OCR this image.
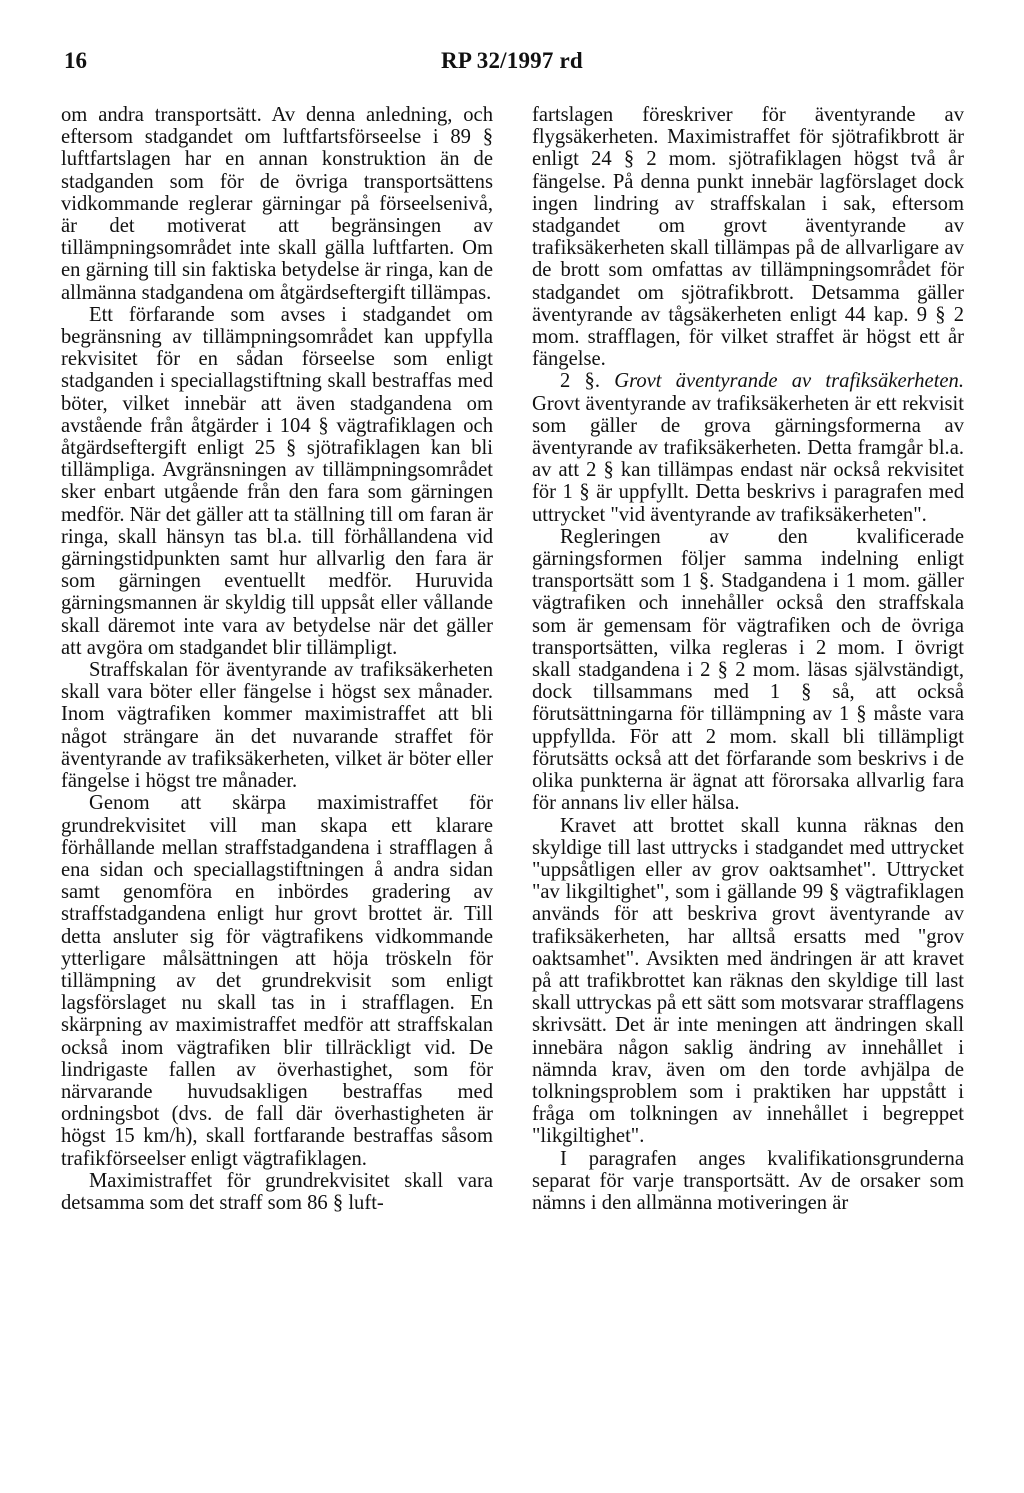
16	RP 32/1997 rd

om andra transportsätt. Av denna anledning, och eftersom stadgandet om luftfartsförseelse i 89 § luftfartslagen har en annan konstruktion än de stadganden som för de övriga transportsättens vidkommande reglerar gärningar på förseelsenivå, är det motiverat att begränsingen av tillämpningsområdet inte skall gälla luftfarten. Om en gärning till sin faktiska betydelse är ringa, kan de allmänna stadgandena om åtgärdseftergift tillämpas.

Ett förfarande som avses i stadgandet om begränsning av tillämpningsområdet kan uppfylla rekvisitet för en sådan förseelse som enligt stadganden i speciallagstiftning skall bestraffas med böter, vilket innebär att även stadgandena om avstående från åtgärder i 104 § vägtrafiklagen och åtgärdseftergift enligt 25 § sjötrafiklagen kan bli tillämpliga. Avgränsningen av tillämpningsområdet sker enbart utgående från den fara som gärningen medför. När det gäller att ta ställning till om faran är ringa, skall hänsyn tas bl.a. till förhållandena vid gärningstidpunkten samt hur allvarlig den fara är som gärningen eventuellt medför. Huruvida gärningsmannen är skyldig till uppsåt eller vållande skall däremot inte vara av betydelse när det gäller att avgöra om stadgandet blir tillämpligt.

Straffskalan för äventyrande av trafiksäkerheten skall vara böter eller fängelse i högst sex månader. Inom vägtrafiken kommer maximistraffet att bli något strängare än det nuvarande straffet för äventyrande av trafiksäkerheten, vilket är böter eller fängelse i högst tre månader.

Genom att skärpa maximistraffet för grundrekvisitet vill man skapa ett klarare förhållande mellan straffstadgandena i strafflagen å ena sidan och speciallagstiftningen å andra sidan samt genomföra en inbördes gradering av straffstadgandena enligt hur grovt brottet är. Till detta ansluter sig för vägtrafikens vidkommande ytterligare målsättningen att höja tröskeln för tillämpning av det grundrekvisit som enligt lagsförslaget nu skall tas in i strafflagen. En skärpning av maximistraffet medför att straffskalan också inom vägtrafiken blir tillräckligt vid. De lindrigaste fallen av överhastighet, som för närvarande huvudsakligen bestraffas med ordningsbot (dvs. de fall där överhastigheten är högst 15 km/h), skall fortfarande bestraffas såsom trafikförseelser enligt vägtrafiklagen.

Maximistraffet för grundrekvisitet skall vara detsamma som det straff som 86 § luft-

fartslagen föreskriver för äventyrande av flygsäkerheten. Maximistraffet för sjötrafikbrott är enligt 24 § 2 mom. sjötrafiklagen högst två år fängelse. På denna punkt innebär lagförslaget dock ingen lindring av straffskalan i sak, eftersom stadgandet om grovt äventyrande av trafiksäkerheten skall tillämpas på de allvarligare av de brott som omfattas av tillämpningsområdet för stadgandet om sjötrafikbrott. Detsamma gäller äventyrande av tågsäkerheten enligt 44 kap. 9 § 2 mom. strafflagen, för vilket straffet är högst ett år fängelse.

2 §. Grovt äventyrande av trafiksäkerheten. Grovt äventyrande av trafiksäkerheten är ett rekvisit som gäller de grova gärningsformerna av äventyrande av trafiksäkerheten. Detta framgår bl.a. av att 2 § kan tillämpas endast när också rekvisitet för 1 § är uppfyllt. Detta beskrivs i paragrafen med uttrycket "vid äventyrande av trafiksäkerheten".

Regleringen av den kvalificerade gärningsformen följer samma indelning enligt transportsätt som 1 §. Stadgandena i 1 mom. gäller vägtrafiken och innehåller också den straffskala som är gemensam för vägtrafiken och de övriga transportsätten, vilka regleras i 2 mom. I övrigt skall stadgandena i 2 § 2 mom. läsas självständigt, dock tillsammans med 1 § så, att också förutsättningarna för tillämpning av 1 § måste vara uppfyllda. För att 2 mom. skall bli tillämpligt förutsätts också att det förfarande som beskrivs i de olika punkterna är ägnat att förorsaka allvarlig fara för annans liv eller hälsa.

Kravet att brottet skall kunna räknas den skyldige till last uttrycks i stadgandet med uttrycket "uppsåtligen eller av grov oaktsamhet". Uttrycket "av likgiltighet", som i gällande 99 § vägtrafiklagen används för att beskriva grovt äventyrande av trafiksäkerheten, har alltså ersatts med "grov oaktsamhet". Avsikten med ändringen är att kravet på att trafikbrottet kan räknas den skyldige till last skall uttryckas på ett sätt som motsvarar strafflagens skrivsätt. Det är inte meningen att ändringen skall innebära någon saklig ändring av innehållet i nämnda krav, även om den torde avhjälpa de tolkningsproblem som i praktiken har uppstått i fråga om tolkningen av innehållet i begreppet "likgiltighet".

I paragrafen anges kvalifikationsgrunderna separat för varje transportsätt. Av de orsaker som nämns i den allmänna motiveringen är
